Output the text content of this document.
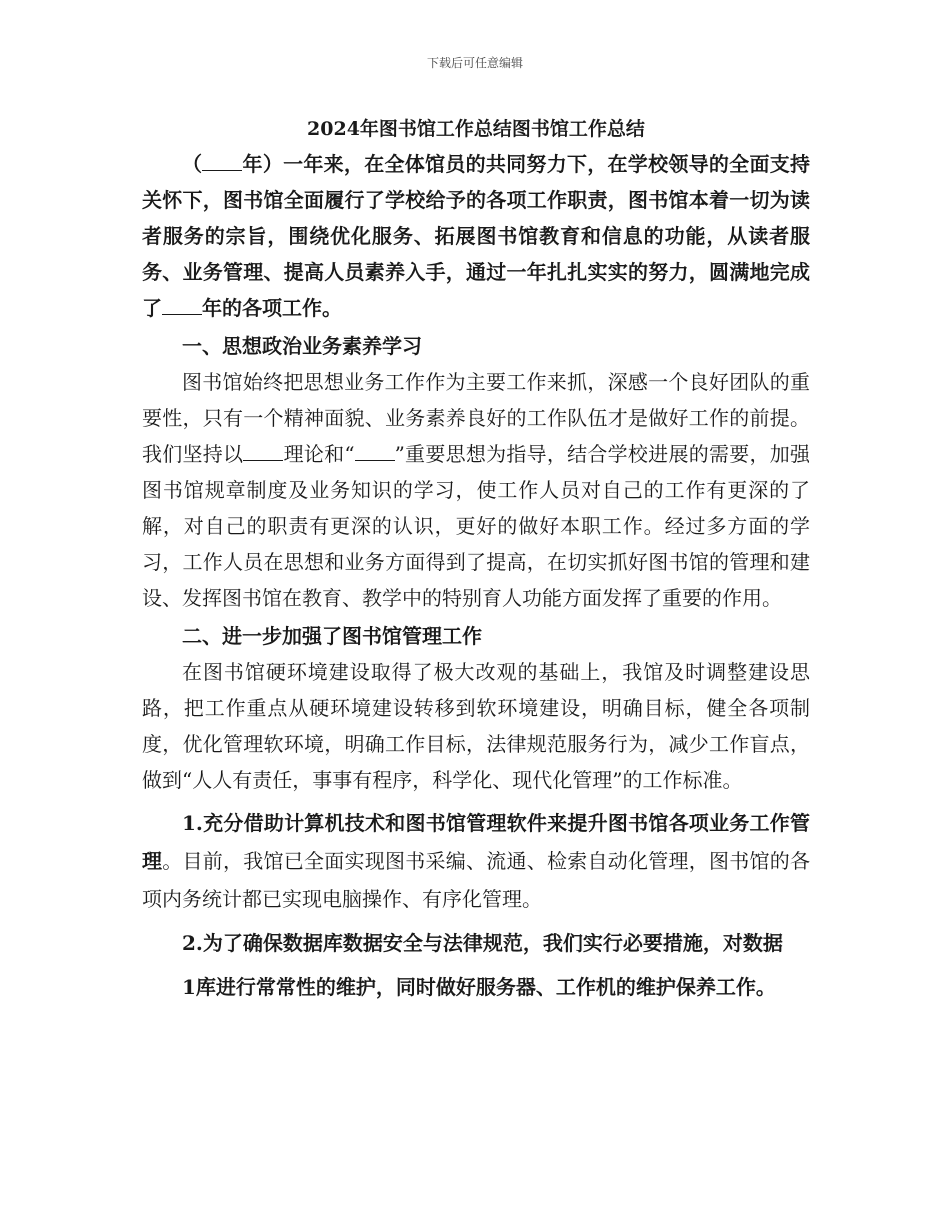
下载后可任意编辑
2024年图书馆工作总结图书馆工作总结

（ 年）一年来，在全体馆员的共同努力下，在学校领导的全面支持关怀下，图书馆全面履行了学校给予的各项工作职责，图书馆本着一切为读者服务的宗旨，围绕优化服务、拓展图书馆教育和信息的功能，从读者服务、业务管理、提高人员素养入手，通过一年扎扎实实的努力，圆满地完成了 年的各项工作。

一、思想政治业务素养学习

图书馆始终把思想业务工作作为主要工作来抓，深感一个良好团队的重要性，只有一个精神面貌、业务素养良好的工作队伍才是做好工作的前提。我们坚持以 理论和“ ”重要思想为指导，结合学校进展的需要，加强图书馆规章制度及业务知识的学习，使工作人员对自己的工作有更深的了解，对自己的职责有更深的认识，更好的做好本职工作。经过多方面的学习，工作人员在思想和业务方面得到了提高，在切实抓好图书馆的管理和建设、发挥图书馆在教育、教学中的特别育人功能方面发挥了重要的作用。

二、进一步加强了图书馆管理工作

在图书馆硬环境建设取得了极大改观的基础上，我馆及时调整建设思路，把工作重点从硬环境建设转移到软环境建设，明确目标，健全各项制度，优化管理软环境，明确工作目标，法律规范服务行为，减少工作盲点，做到“人人有责任，事事有程序，科学化、现代化管理”的工作标准。

1.充分借助计算机技术和图书馆管理软件来提升图书馆各项业务工作管理。目前，我馆已全面实现图书采编、流通、检索自动化管理，图书馆的各项内务统计都已实现电脑操作、有序化管理。

2.为了确保数据库数据安全与法律规范，我们实行必要措施，对数据

1库进行常常性的维护，同时做好服务器、工作机的维护保养工作。
